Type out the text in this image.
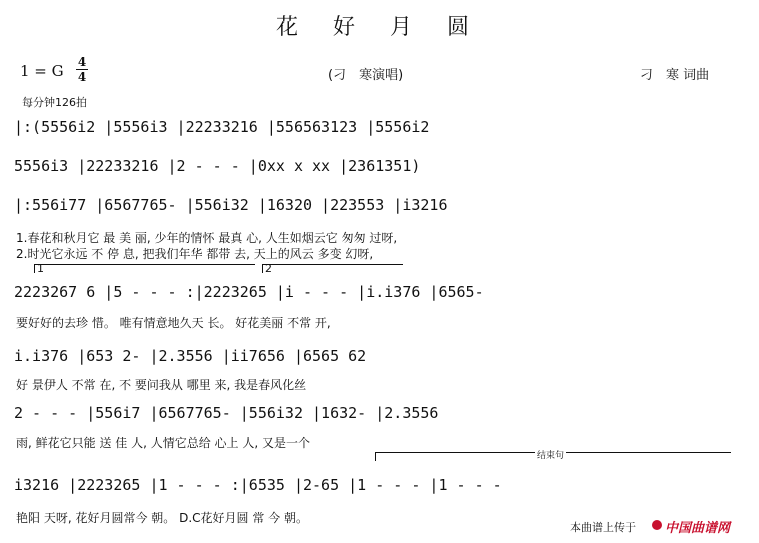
花 好 月 圆
1 = G 4
4	(刁　寒演唱)	刁　寒 词曲
每分钟126拍
|:(5556i2 |5556i3 |22233216 |556563123 |5556i2
5556i3 |22233216 |2 - - - |0xx x xx |2361351)
|:556i77 |6567765- |556i32 |16320 |223553 |i3216
1.春花和秋月它 最 美 丽, 少年的情怀 最真 心, 人生如烟云它 匆匆 过呀,
2.时光它永远 不 停 息, 把我们年华 都带 去, 天上的风云 多变 幻呀,
1	2
2223267 6 |5 - - - :|2223265 |i - - - |i.i376 |6565-
要好好的去珍 惜。 唯有情意地久天 长。 好花美丽 不常 开,
i.i376 |653 2- |2.3556 |ii7656 |6565 62
好 景伊人 不常 在, 不 要问我从 哪里 来, 我是春风化丝
2 - - - |556i7 |6567765- |556i32 |1632- |2.3556
雨, 鲜花它只能 送 佳 人, 人情它总给 心上 人, 又是一个
结束句
i3216 |2223265 |1 - - - :|6535 |2-65 |1 - - - |1 - - -
艳阳 天呀, 花好月圆常今 朝。 D.C花好月圆 常 今 朝。
本曲谱上传于 中国曲谱网
